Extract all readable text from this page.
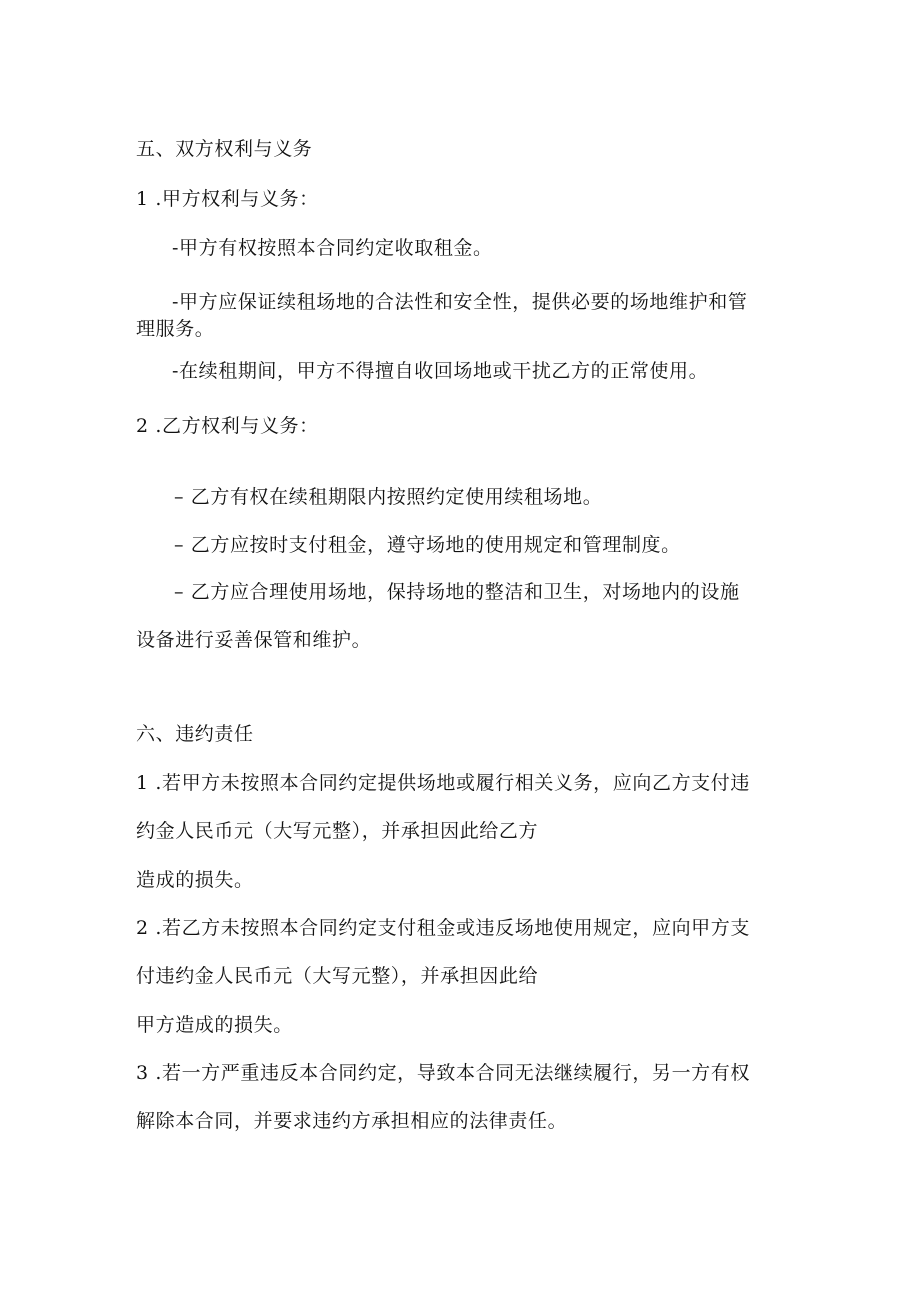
五、双方权利与义务
1 .甲方权利与义务：
-甲方有权按照本合同约定收取租金。
-甲方应保证续租场地的合法性和安全性，提供必要的场地维护和管
理服务。
-在续租期间，甲方不得擅自收回场地或干扰乙方的正常使用。
2 .乙方权利与义务：
– 乙方有权在续租期限内按照约定使用续租场地。
– 乙方应按时支付租金，遵守场地的使用规定和管理制度。
– 乙方应合理使用场地，保持场地的整洁和卫生，对场地内的设施
设备进行妥善保管和维护。
六、违约责任
1 .若甲方未按照本合同约定提供场地或履行相关义务，应向乙方支付违
约金人民币元（大写元整），并承担因此给乙方
造成的损失。
2 .若乙方未按照本合同约定支付租金或违反场地使用规定，应向甲方支
付违约金人民币元（大写元整），并承担因此给
甲方造成的损失。
3 .若一方严重违反本合同约定，导致本合同无法继续履行，另一方有权
解除本合同，并要求违约方承担相应的法律责任。
